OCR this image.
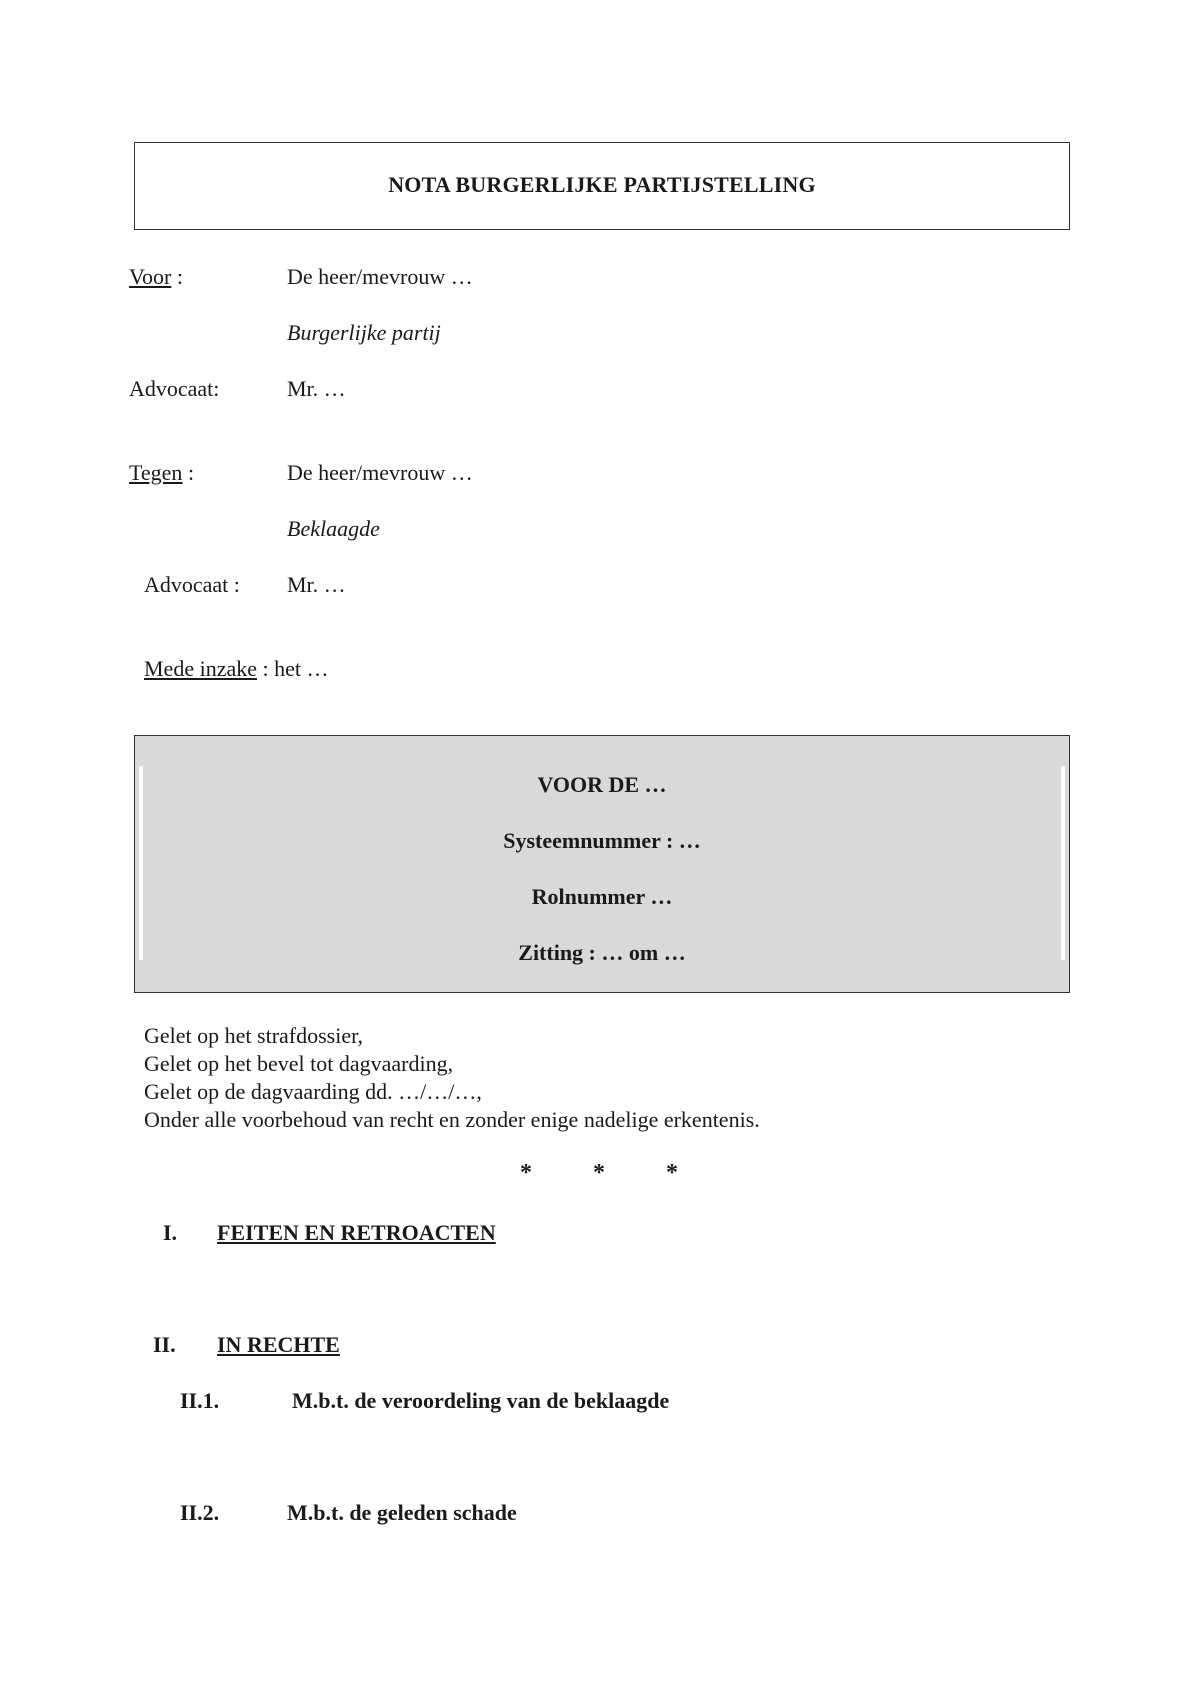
NOTA BURGERLIJKE PARTIJSTELLING
Voor :	De heer/mevrouw …
Burgerlijke partij
Advocaat:	Mr. …
Tegen :	De heer/mevrouw …
Beklaagde
Advocaat : Mr. …
Mede inzake : het …
VOOR DE …
Systeemnummer : …
Rolnummer …
Zitting : … om …
Gelet op het strafdossier,
Gelet op het bevel tot dagvaarding,
Gelet op de dagvaarding dd. …/…/…,
Onder alle voorbehoud van recht en zonder enige nadelige erkentenis.
*	*	*
I. FEITEN EN RETROACTEN
II. IN RECHTE
II.1.	M.b.t. de veroordeling van de beklaagde
II.2.	M.b.t. de geleden schade
